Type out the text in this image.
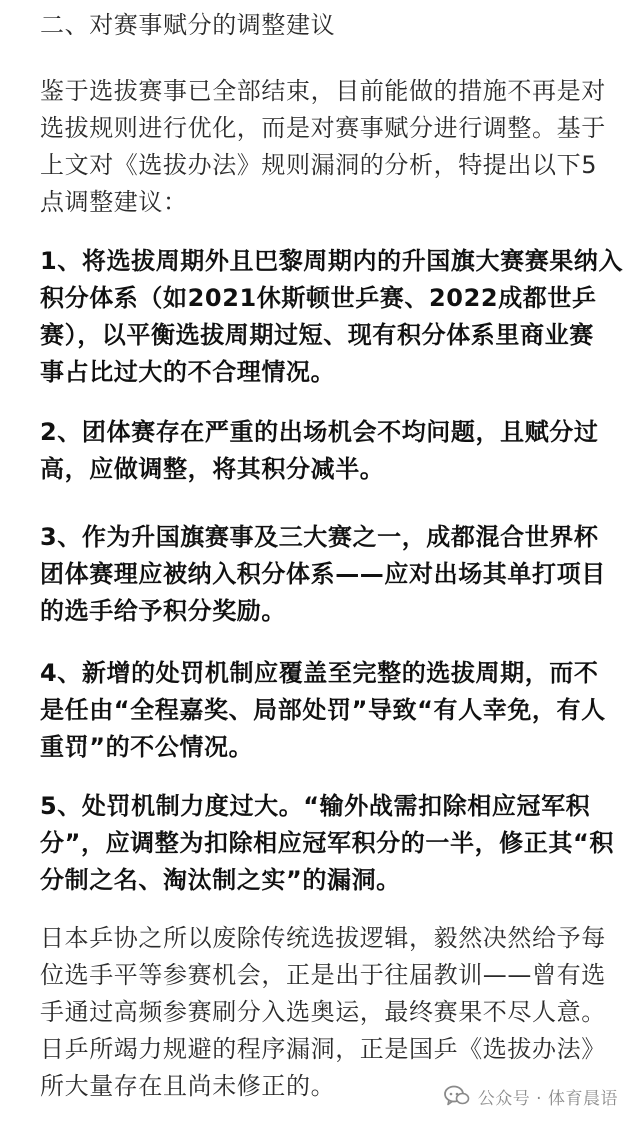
二、对赛事赋分的调整建议
鉴于选拔赛事已全部结束，目前能做的措施不再是对
选拔规则进行优化，而是对赛事赋分进行调整。基于
上文对《选拔办法》规则漏洞的分析，特提出以下5
点调整建议：
1、将选拔周期外且巴黎周期内的升国旗大赛赛果纳入
积分体系（如2021休斯顿世乒赛、2022成都世乒
赛），以平衡选拔周期过短、现有积分体系里商业赛
事占比过大的不合理情况。
2、团体赛存在严重的出场机会不均问题，且赋分过
高，应做调整，将其积分减半。
3、作为升国旗赛事及三大赛之一，成都混合世界杯
团体赛理应被纳入积分体系——应对出场其单打项目
的选手给予积分奖励。
4、新增的处罚机制应覆盖至完整的选拔周期，而不
是任由“全程嘉奖、局部处罚”导致“有人幸免，有人
重罚”的不公情况。
5、处罚机制力度过大。“输外战需扣除相应冠军积
分”，应调整为扣除相应冠军积分的一半，修正其“积
分制之名、淘汰制之实”的漏洞。
日本乒协之所以废除传统选拔逻辑，毅然决然给予每
位选手平等参赛机会，正是出于往届教训——曾有选
手通过高频参赛刷分入选奥运，最终赛果不尽人意。
日乒所竭力规避的程序漏洞，正是国乒《选拔办法》
所大量存在且尚未修正的。	公众号 · 体育晨语
